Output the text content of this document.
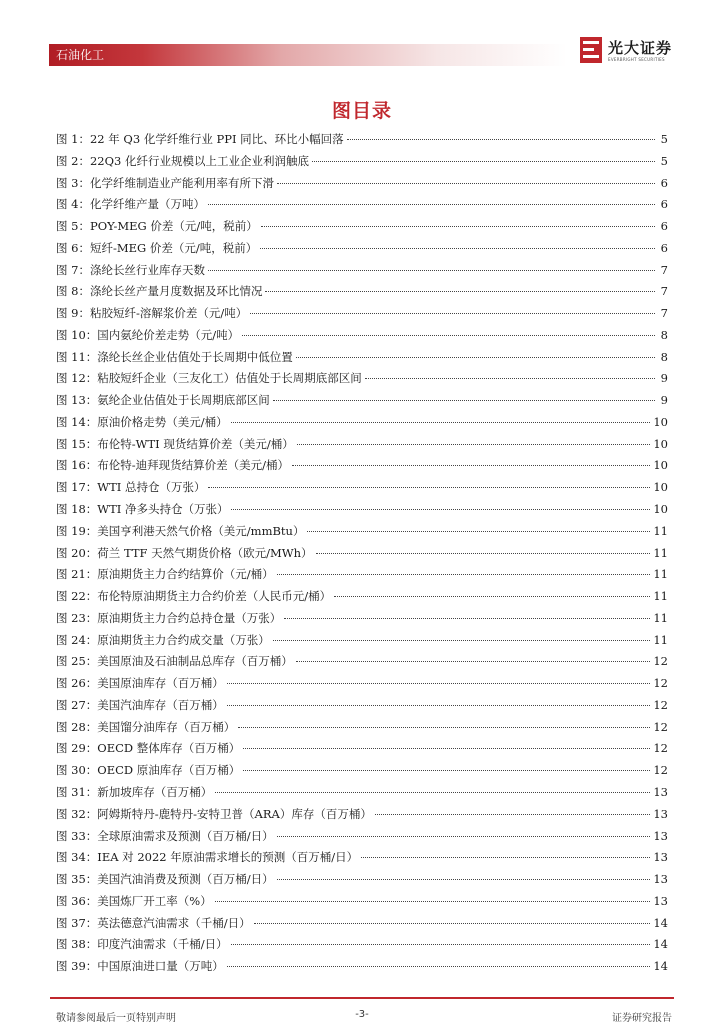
石油化工	光大证券
EVERBRIGHT SECURITIES
图目录
图 1：22 年 Q3 化学纤维行业 PPI 同比、环比小幅回落	5
图 2：22Q3 化纤行业规模以上工业企业利润触底	5
图 3：化学纤维制造业产能利用率有所下滑	6
图 4：化学纤维产量（万吨）	6
图 5：POY-MEG 价差（元/吨，税前）	6
图 6：短纤-MEG 价差（元/吨，税前）	6
图 7：涤纶长丝行业库存天数	7
图 8：涤纶长丝产量月度数据及环比情况	7
图 9：粘胶短纤-溶解浆价差（元/吨）	7
图 10：国内氨纶价差走势（元/吨）	8
图 11：涤纶长丝企业估值处于长周期中低位置	8
图 12：粘胶短纤企业（三友化工）估值处于长周期底部区间	9
图 13：氨纶企业估值处于长周期底部区间	9
图 14：原油价格走势（美元/桶）	10
图 15：布伦特-WTI 现货结算价差（美元/桶）	10
图 16：布伦特-迪拜现货结算价差（美元/桶）	10
图 17：WTI 总持仓（万张）	10
图 18：WTI 净多头持仓（万张）	10
图 19：美国亨利港天然气价格（美元/mmBtu）	11
图 20：荷兰 TTF 天然气期货价格（欧元/MWh）	11
图 21：原油期货主力合约结算价（元/桶）	11
图 22：布伦特原油期货主力合约价差（人民币元/桶）	11
图 23：原油期货主力合约总持仓量（万张）	11
图 24：原油期货主力合约成交量（万张）	11
图 25：美国原油及石油制品总库存（百万桶）	12
图 26：美国原油库存（百万桶）	12
图 27：美国汽油库存（百万桶）	12
图 28：美国馏分油库存（百万桶）	12
图 29：OECD 整体库存（百万桶）	12
图 30：OECD 原油库存（百万桶）	12
图 31：新加坡库存（百万桶）	13
图 32：阿姆斯特丹-鹿特丹-安特卫普（ARA）库存（百万桶）	13
图 33：全球原油需求及预测（百万桶/日）	13
图 34：IEA 对 2022 年原油需求增长的预测（百万桶/日）	13
图 35：美国汽油消费及预测（百万桶/日）	13
图 36：美国炼厂开工率（%）	13
图 37：英法德意汽油需求（千桶/日）	14
图 38：印度汽油需求（千桶/日）	14
图 39：中国原油进口量（万吨）	14
敬请参阅最后一页特别声明	-3-	证券研究报告
